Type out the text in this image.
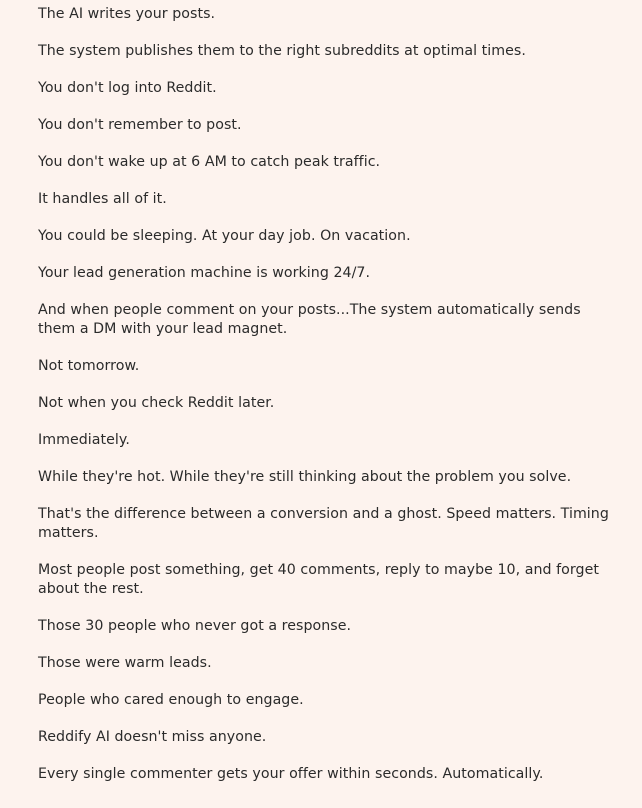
The AI writes your posts.

The system publishes them to the right subreddits at optimal times.

You don't log into Reddit.

You don't remember to post.

You don't wake up at 6 AM to catch peak traffic.

It handles all of it.

You could be sleeping. At your day job. On vacation.

Your lead generation machine is working 24/7.

And when people comment on your posts...The system automatically sends them a DM with your lead magnet.

Not tomorrow.

Not when you check Reddit later.

Immediately.

While they're hot. While they're still thinking about the problem you solve.

That's the difference between a conversion and a ghost. Speed matters. Timing matters.

Most people post something, get 40 comments, reply to maybe 10, and forget about the rest.

Those 30 people who never got a response.

Those were warm leads.

People who cared enough to engage.

Reddify AI doesn't miss anyone.

Every single commenter gets your offer within seconds. Automatically.
